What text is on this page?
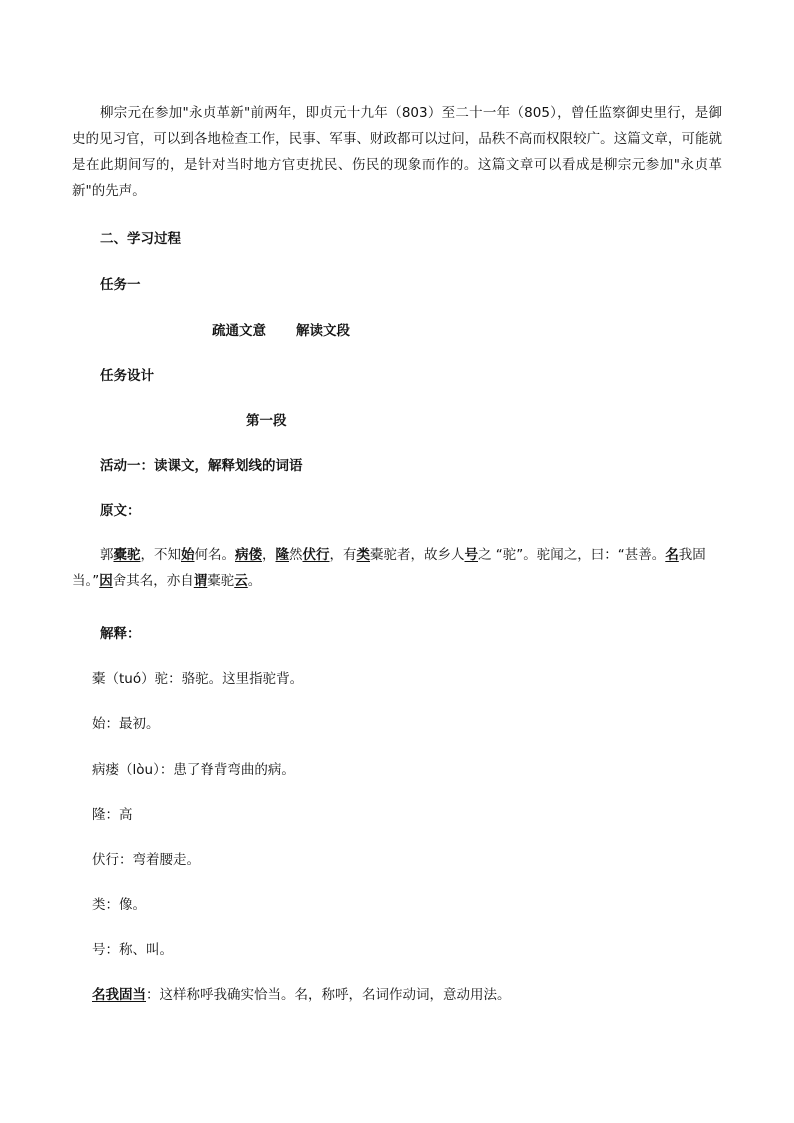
柳宗元在参加"永贞革新"前两年，即贞元十九年（803）至二十一年（805），曾任监察御史里行，是御史的见习官，可以到各地检查工作，民事、军事、财政都可以过问，品秩不高而权限较广。这篇文章，可能就是在此期间写的，是针对当时地方官吏扰民、伤民的现象而作的。这篇文章可以看成是柳宗元参加"永贞革新"的先声。

二、学习过程

任务一

疏通文意 解读文段

任务设计

第一段

活动一：读课文，解释划线的词语

原文：

郭橐驼，不知始何名。病偻，隆然伏行，有类橐驼者，故乡人号之 “驼”。驼闻之，曰：“甚善。名我固当。”因舍其名，亦自谓橐驼云。

解释：

橐（tuó）驼：骆驼。这里指驼背。

始：最初。

病瘘（lòu）：患了脊背弯曲的病。

隆：高

伏行：弯着腰走。

类：像。

号：称、叫。

名我固当：这样称呼我确实恰当。名，称呼，名词作动词，意动用法。
